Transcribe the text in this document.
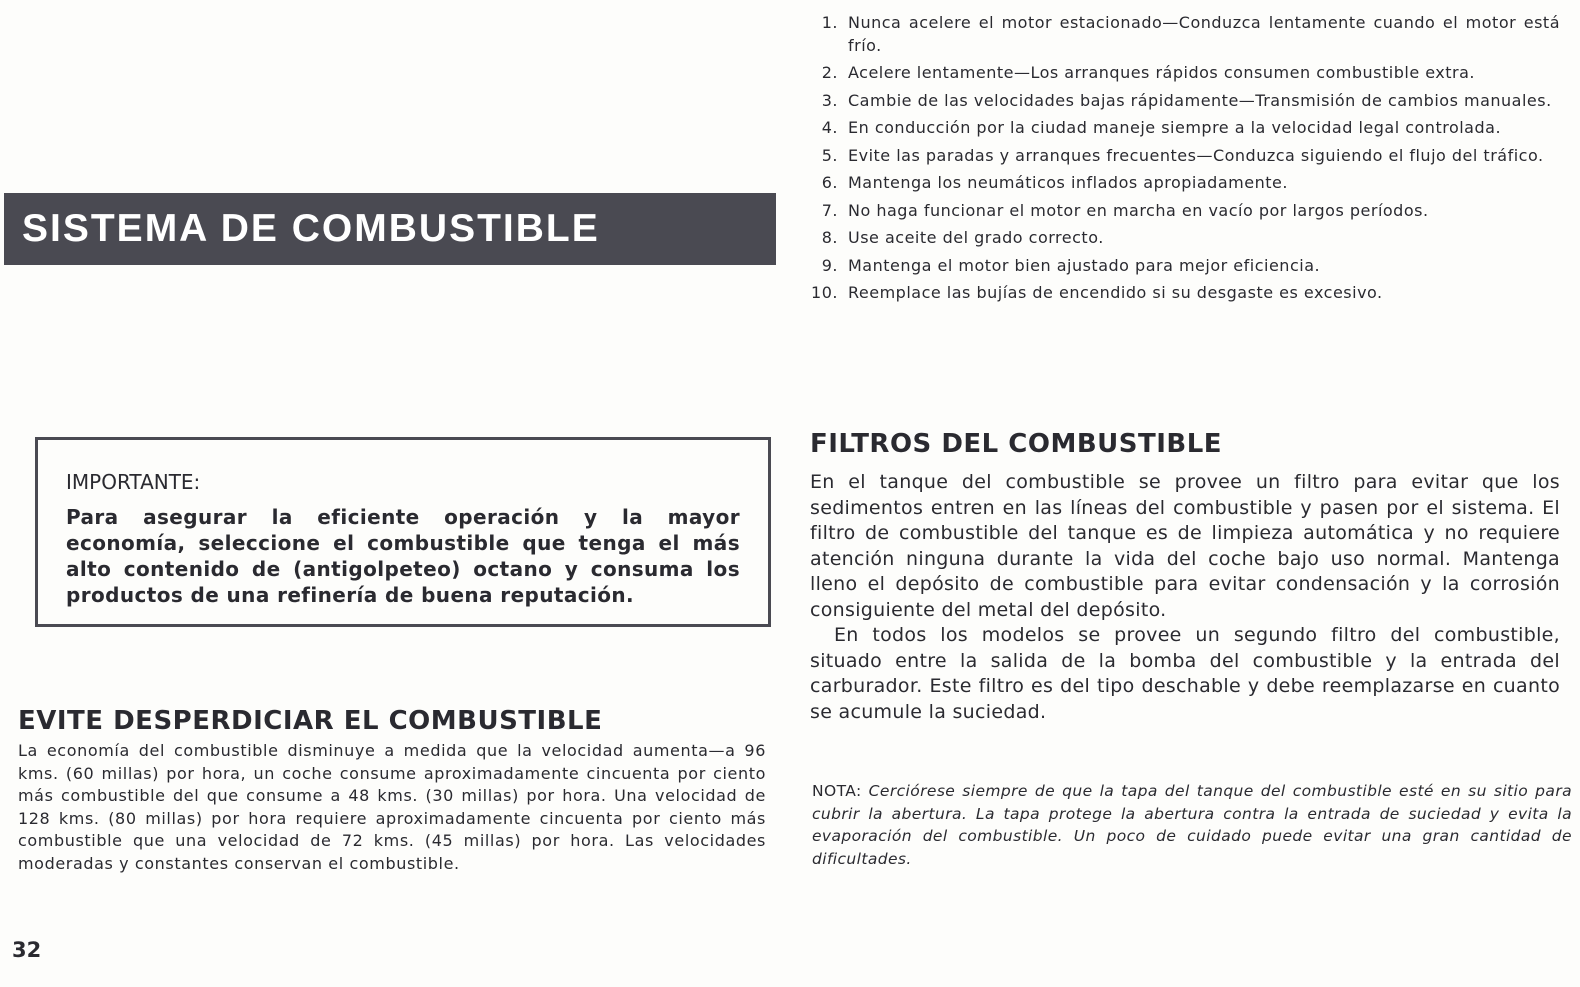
SISTEMA DE COMBUSTIBLE

IMPORTANTE:

Para asegurar la eficiente operación y la mayor economía, seleccione el combustible que tenga el más alto contenido de (antigolpeteo) octano y consuma los productos de una refinería de buena reputación.

EVITE DESPERDICIAR EL COMBUSTIBLE

La economía del combustible disminuye a medida que la velocidad aumenta—a 96 kms. (60 millas) por hora, un coche consume aproximadamente cincuenta por ciento más combustible del que consume a 48 kms. (30 millas) por hora. Una velocidad de 128 kms. (80 millas) por hora requiere aproximadamente cincuenta por ciento más combustible que una velocidad de 72 kms. (45 millas) por hora. Las velocidades moderadas y constantes conservan el combustible.

32
1. Nunca acelere el motor estacionado—Conduzca lentamente cuando el motor está frío.
2. Acelere lentamente—Los arranques rápidos consumen combustible extra.
3. Cambie de las velocidades bajas rápidamente—Transmisión de cambios manuales.
4. En conducción por la ciudad maneje siempre a la velocidad legal controlada.
5. Evite las paradas y arranques frecuentes—Conduzca siguiendo el flujo del tráfico.
6. Mantenga los neumáticos inflados apropiadamente.
7. No haga funcionar el motor en marcha en vacío por largos períodos.
8. Use aceite del grado correcto.
9. Mantenga el motor bien ajustado para mejor eficiencia.
10. Reemplace las bujías de encendido si su desgaste es excesivo.
FILTROS DEL COMBUSTIBLE

En el tanque del combustible se provee un filtro para evitar que los sedimentos entren en las líneas del combustible y pasen por el sistema. El filtro de combustible del tanque es de limpieza automática y no requiere atención ninguna durante la vida del coche bajo uso normal. Mantenga lleno el depósito de combustible para evitar condensación y la corrosión consiguiente del metal del depósito.

En todos los modelos se provee un segundo filtro del combustible, situado entre la salida de la bomba del combustible y la entrada del carburador. Este filtro es del tipo deschable y debe reemplazarse en cuanto se acumule la suciedad.

NOTA: Cerciórese siempre de que la tapa del tanque del combustible esté en su sitio para cubrir la abertura. La tapa protege la abertura contra la entrada de suciedad y evita la evaporación del combustible. Un poco de cuidado puede evitar una gran cantidad de dificultades.
